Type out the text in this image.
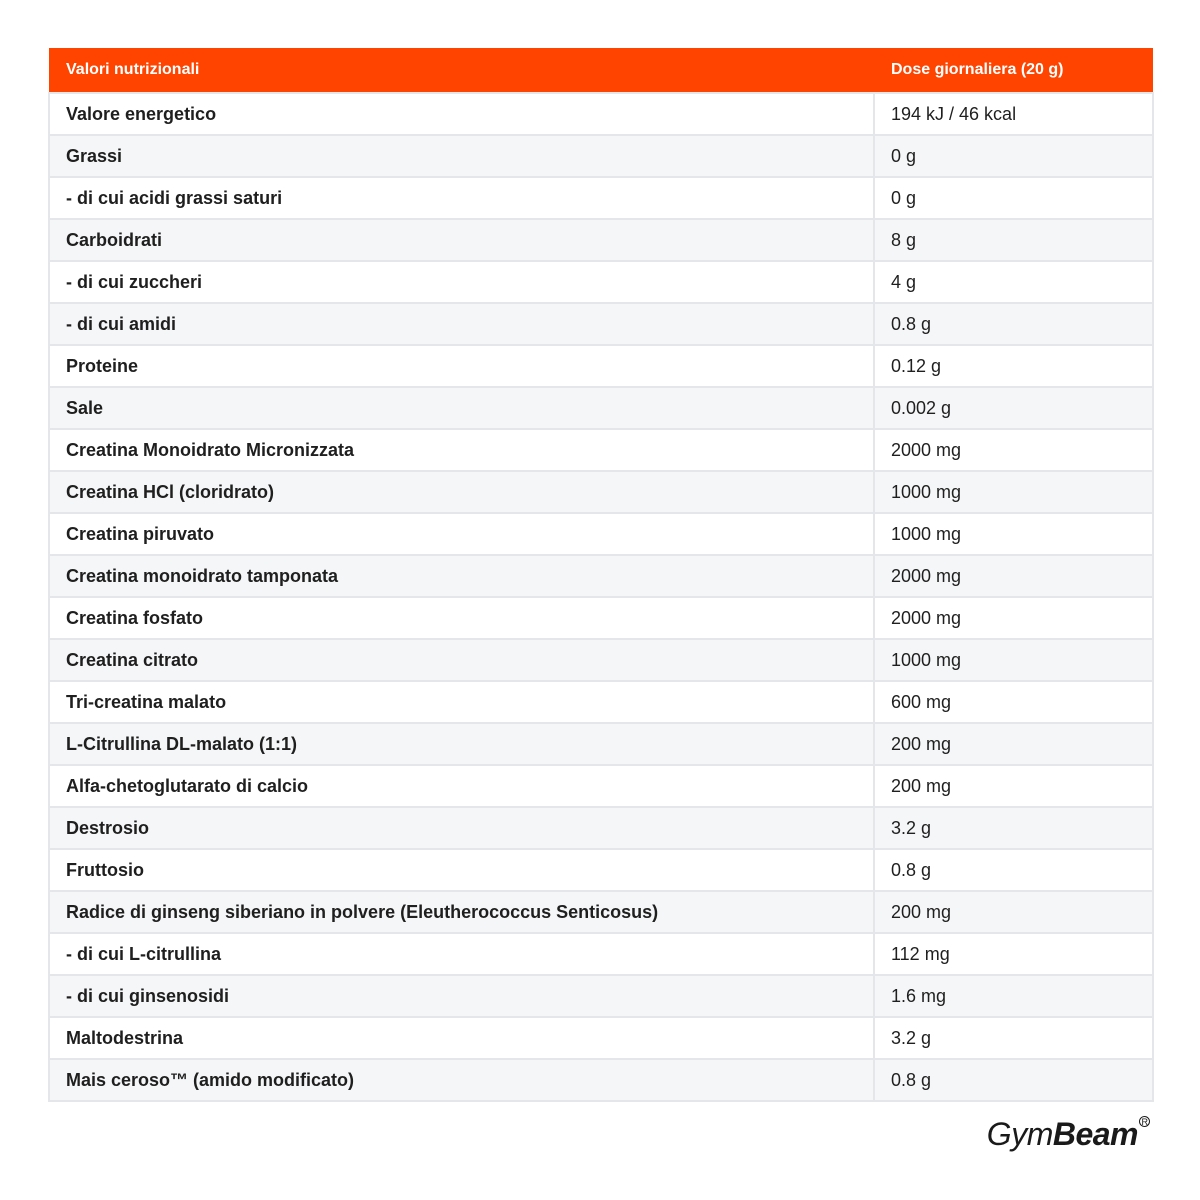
Valori nutrizionali	Dose giornaliera (20 g)
Valore energetico	194 kJ / 46 kcal
Grassi	0 g
- di cui acidi grassi saturi	0 g
Carboidrati	8 g
- di cui zuccheri	4 g
- di cui amidi	0.8 g
Proteine	0.12 g
Sale	0.002 g
Creatina Monoidrato Micronizzata	2000 mg
Creatina HCl (cloridrato)	1000 mg
Creatina piruvato	1000 mg
Creatina monoidrato tamponata	2000 mg
Creatina fosfato	2000 mg
Creatina citrato	1000 mg
Tri-creatina malato	600 mg
L-Citrullina DL-malato (1:1)	200 mg
Alfa-chetoglutarato di calcio	200 mg
Destrosio	3.2 g
Fruttosio	0.8 g
Radice di ginseng siberiano in polvere (Eleutherococcus Senticosus)	200 mg
- di cui L-citrullina	112 mg
- di cui ginsenosidi	1.6 mg
Maltodestrina	3.2 g
Mais ceroso™ (amido modificato)	0.8 g
Gym Beam R
